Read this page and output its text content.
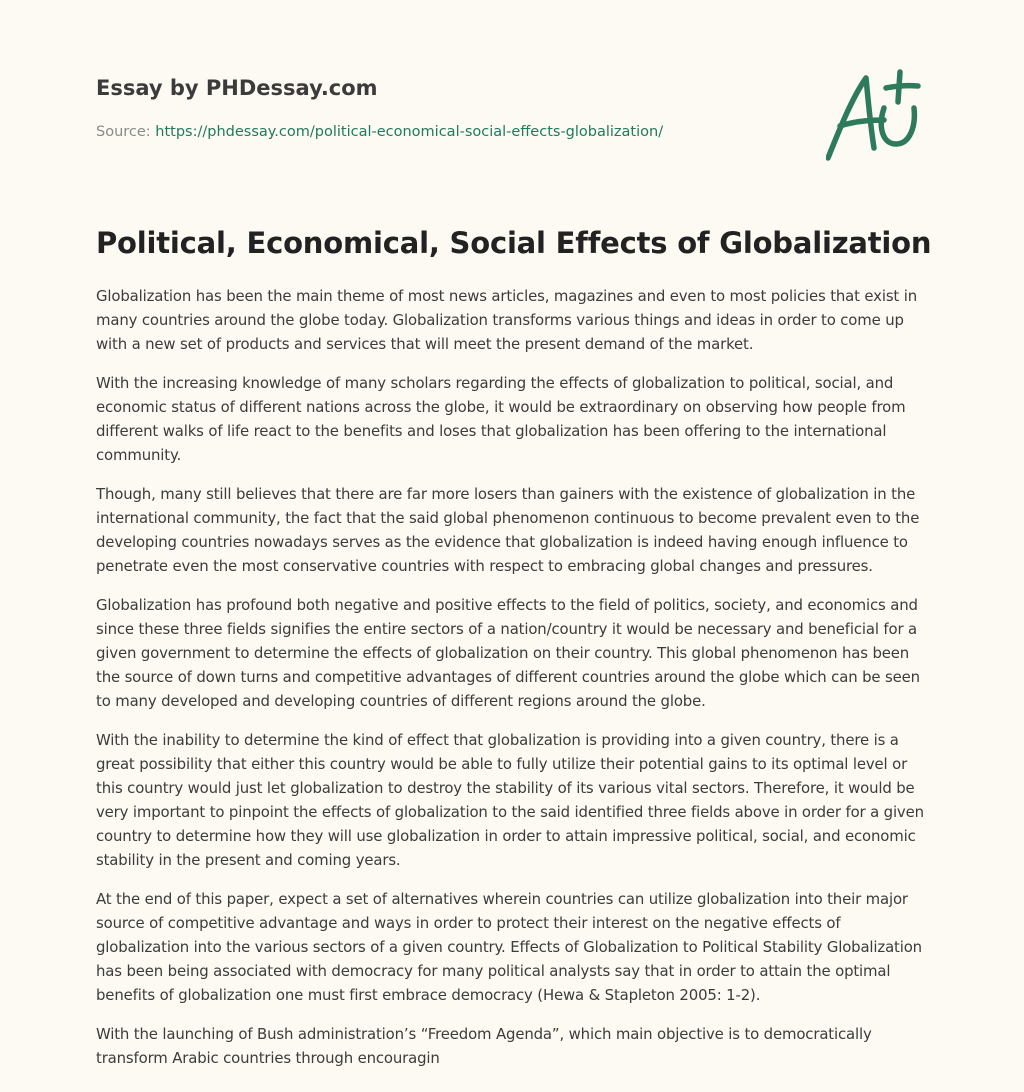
Essay by PHDessay.com
Source: https://phdessay.com/political-economical-social-effects-globalization/
Political, Economical, Social Effects of Globalization

Globalization has been the main theme of most news articles, magazines and even to most policies that exist in many countries around the globe today. Globalization transforms various things and ideas in order to come up with a new set of products and services that will meet the present demand of the market.

With the increasing knowledge of many scholars regarding the effects of globalization to political, social, and economic status of different nations across the globe, it would be extraordinary on observing how people from different walks of life react to the benefits and loses that globalization has been offering to the international community.

Though, many still believes that there are far more losers than gainers with the existence of globalization in the international community, the fact that the said global phenomenon continuous to become prevalent even to the developing countries nowadays serves as the evidence that globalization is indeed having enough influence to penetrate even the most conservative countries with respect to embracing global changes and pressures.

Globalization has profound both negative and positive effects to the field of politics, society, and economics and since these three fields signifies the entire sectors of a nation/country it would be necessary and beneficial for a given government to determine the effects of globalization on their country. This global phenomenon has been the source of down turns and competitive advantages of different countries around the globe which can be seen to many developed and developing countries of different regions around the globe.

With the inability to determine the kind of effect that globalization is providing into a given country, there is a great possibility that either this country would be able to fully utilize their potential gains to its optimal level or this country would just let globalization to destroy the stability of its various vital sectors. Therefore, it would be very important to pinpoint the effects of globalization to the said identified three fields above in order for a given country to determine how they will use globalization in order to attain impressive political, social, and economic stability in the present and coming years.

At the end of this paper, expect a set of alternatives wherein countries can utilize globalization into their major source of competitive advantage and ways in order to protect their interest on the negative effects of globalization into the various sectors of a given country. Effects of Globalization to Political Stability Globalization has been being associated with democracy for many political analysts say that in order to attain the optimal benefits of globalization one must first embrace democracy (Hewa & Stapleton 2005: 1-2).

With the launching of Bush administration’s “Freedom Agenda”, which main objective is to democratically transform Arabic countries through encouragin
